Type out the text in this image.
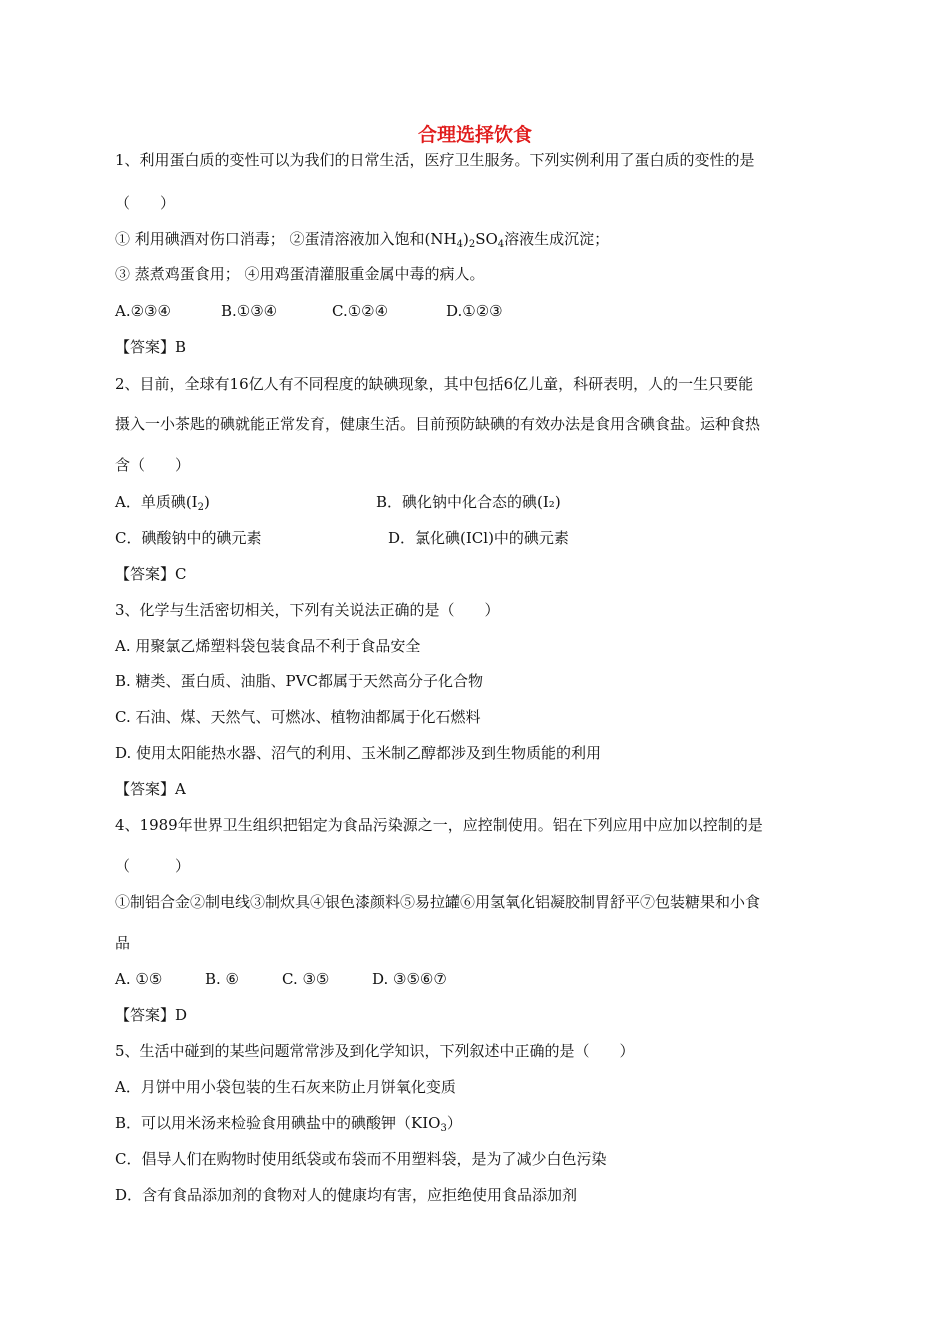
合理选择饮食
1、利用蛋白质的变性可以为我们的日常生活，医疗卫生服务。下列实例利用了蛋白质的变性的是
（　　）
① 利用碘酒对伤口消毒； ②蛋清溶液加入饱和$(NH_4)_2SO_4$溶液生成沉淀；
③ 蒸煮鸡蛋食用； ④用鸡蛋清灌服重金属中毒的病人。
A.②③④	B.①③④	C.①②④	D.①②③
【答案】B
2、目前，全球有16亿人有不同程度的缺碘现象，其中包括6亿儿童，科研表明，人的一生只要能
摄入一小茶匙的碘就能正常发育，健康生活。目前预防缺碘的有效办法是食用含碘食盐。运种食热
含（　　）
A．单质碘$(I_2)$	B．碘化钠中化合态的碘(I₂)
C．碘酸钠中的碘元素	D．氯化碘(ICl)中的碘元素
【答案】C
3、化学与生活密切相关，下列有关说法正确的是（　　）
A. 用聚氯乙烯塑料袋包装食品不利于食品安全
B. 糖类、蛋白质、油脂、PVC都属于天然高分子化合物
C. 石油、煤、天然气、可燃冰、植物油都属于化石燃料
D. 使用太阳能热水器、沼气的利用、玉米制乙醇都涉及到生物质能的利用
【答案】A
4、1989年世界卫生组织把铝定为食品污染源之一，应控制使用。铝在下列应用中应加以控制的是
（　　　）
①制铝合金②制电线③制炊具④银色漆颜料⑤易拉罐⑥用氢氧化铝凝胶制胃舒平⑦包装糖果和小食
品
A. ①⑤	B. ⑥	C. ③⑤	D. ③⑤⑥⑦
【答案】D
5、生活中碰到的某些问题常常涉及到化学知识，下列叙述中正确的是（　　）
A．月饼中用小袋包装的生石灰来防止月饼氧化变质
B．可以用米汤来检验食用碘盐中的碘酸钾$(KIO_3)$
C．倡导人们在购物时使用纸袋或布袋而不用塑料袋，是为了减少白色污染
D．含有食品添加剂的食物对人的健康均有害，应拒绝使用食品添加剂
